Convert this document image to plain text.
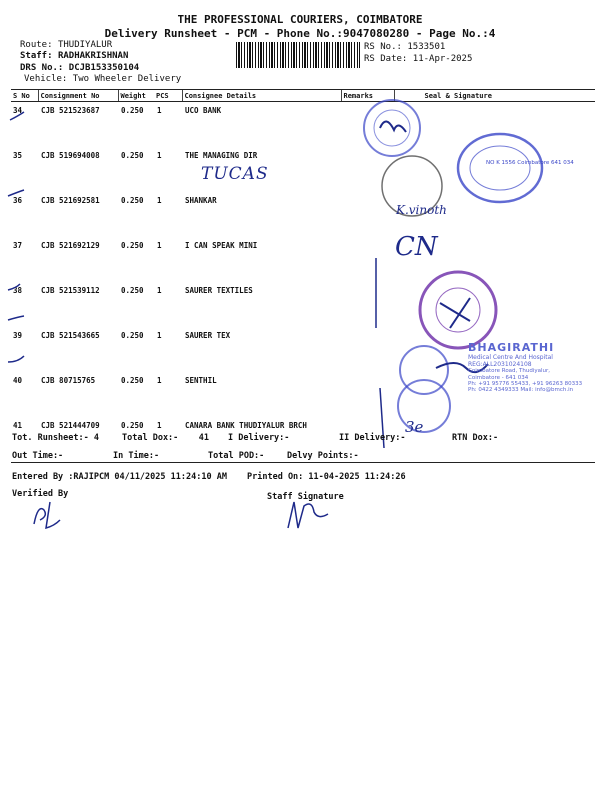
THE PROFESSIONAL COURIERS, COIMBATORE
Delivery Runsheet - PCM - Phone No.:9047080280 - Page No.:4
Route: THUDIYALUR
Staff: RADHAKRISHNAN
DRS No.: DCJB153350104
Vehicle: Two Wheeler Delivery
RS No.: 1533501
RS Date: 11-Apr-2025
S No	Consignment No	Weight	PCS	Consignee Details	Remarks	Seal & Signature
34	CJB 521523687	0.250	1	UCO BANK		
35	CJB 519694008	0.250	1	THE MANAGING DIR		
36	CJB 521692581	0.250	1	SHANKAR		
37	CJB 521692129	0.250	1	I CAN SPEAK MINI		
38	CJB 521539112	0.250	1	SAURER TEXTILES		
39	CJB 521543665	0.250	1	SAURER TEX		
40	CJB 80715765	0.250	1	SENTHIL		
41	CJB 521444709	0.250	1	CANARA BANK THUDIYALUR BRCH		
NO K 1556 Coimbatore 641 034
TUCAS
K.vinoth
CN
3e
BHAGIRATHI
Medical Centre And Hospital
REG:ALL2031024108
Coimbatore Road, Thudiyalur,
Coimbatore - 641 034
Ph: +91 95776 55433, +91 96263 80333
Ph: 0422 4349333 Mail: info@bmch.in
Tot. Runsheet:- 4	Total Dox:- 41 I Delivery:-	II Delivery:-	RTN Dox:-
Out Time:-	In Time:-	Total POD:-	Delvy Points:-
Entered By :RAJIPCM 04/11/2025 11:24:10 AM Printed On: 11-04-2025 11:24:26
Verified By	Staff Signature
